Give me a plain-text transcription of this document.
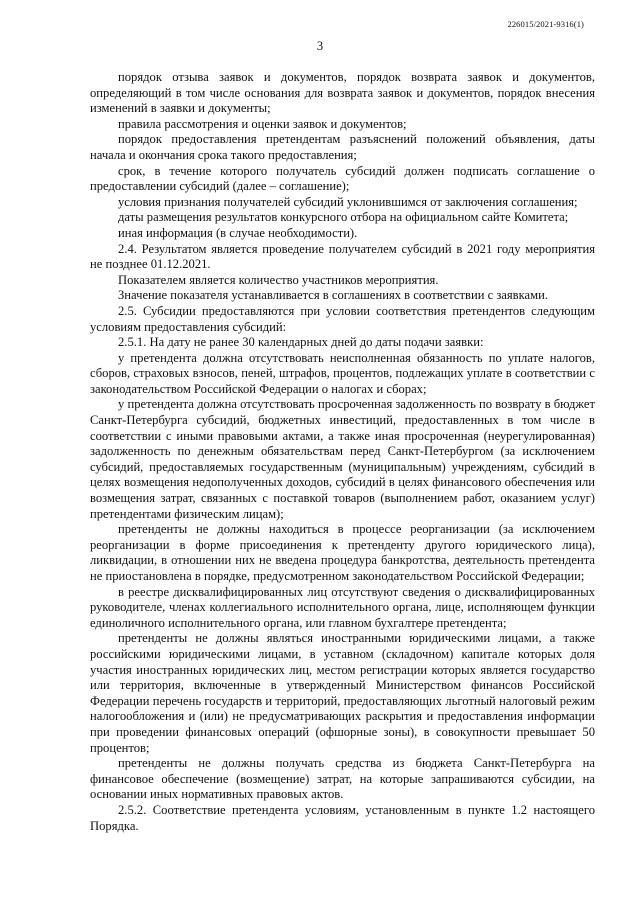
226015/2021-9316(1)
3

порядок отзыва заявок и документов, порядок возврата заявок и документов, определяющий в том числе основания для возврата заявок и документов, порядок внесения изменений в заявки и документы;

правила рассмотрения и оценки заявок и документов;

порядок предоставления претендентам разъяснений положений объявления, даты начала и окончания срока такого предоставления;

срок, в течение которого получатель субсидий должен подписать соглашение о предоставлении субсидий (далее – соглашение);

условия признания получателей субсидий уклонившимся от заключения соглашения;

даты размещения результатов конкурсного отбора на официальном сайте Комитета;

иная информация (в случае необходимости).

2.4. Результатом является проведение получателем субсидий в 2021 году мероприятия не позднее 01.12.2021.

Показателем является количество участников мероприятия.

Значение показателя устанавливается в соглашениях в соответствии с заявками.

2.5. Субсидии предоставляются при условии соответствия претендентов следующим условиям предоставления субсидий:

2.5.1. На дату не ранее 30 календарных дней до даты подачи заявки:

у претендента должна отсутствовать неисполненная обязанность по уплате налогов, сборов, страховых взносов, пеней, штрафов, процентов, подлежащих уплате в соответствии с законодательством Российской Федерации о налогах и сборах;

у претендента должна отсутствовать просроченная задолженность по возврату в бюджет Санкт-Петербурга субсидий, бюджетных инвестиций, предоставленных в том числе в соответствии с иными правовыми актами, а также иная просроченная (неурегулированная) задолженность по денежным обязательствам перед Санкт-Петербургом (за исключением субсидий, предоставляемых государственным (муниципальным) учреждениям, субсидий в целях возмещения недополученных доходов, субсидий в целях финансового обеспечения или возмещения затрат, связанных с поставкой товаров (выполнением работ, оказанием услуг) претендентами физическим лицам);

претенденты не должны находиться в процессе реорганизации (за исключением реорганизации в форме присоединения к претенденту другого юридического лица), ликвидации, в отношении них не введена процедура банкротства, деятельность претендента не приостановлена в порядке, предусмотренном законодательством Российской Федерации;

в реестре дисквалифицированных лиц отсутствуют сведения о дисквалифицированных руководителе, членах коллегиального исполнительного органа, лице, исполняющем функции единоличного исполнительного органа, или главном бухгалтере претендента;

претенденты не должны являться иностранными юридическими лицами, а также российскими юридическими лицами, в уставном (складочном) капитале которых доля участия иностранных юридических лиц, местом регистрации которых является государство или территория, включенные в утвержденный Министерством финансов Российской Федерации перечень государств и территорий, предоставляющих льготный налоговый режим налогообложения и (или) не предусматривающих раскрытия и предоставления информации при проведении финансовых операций (офшорные зоны), в совокупности превышает 50 процентов;

претенденты не должны получать средства из бюджета Санкт-Петербурга на финансовое обеспечение (возмещение) затрат, на которые запрашиваются субсидии, на основании иных нормативных правовых актов.

2.5.2. Соответствие претендента условиям, установленным в пункте 1.2 настоящего Порядка.
